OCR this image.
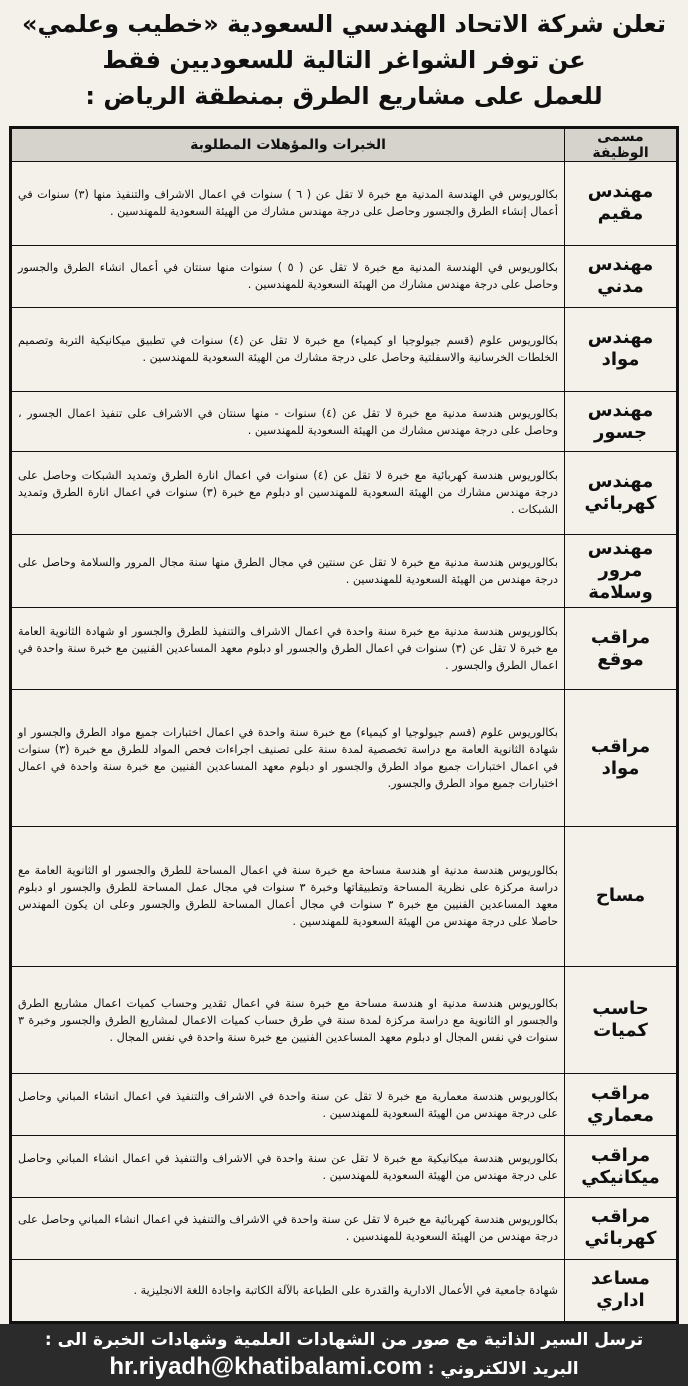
تعلن شركة الاتحاد الهندسي السعودية «خطيب وعلمي»
عن توفر الشواغر التالية للسعوديين فقط
للعمل على مشاريع الطرق بمنطقة الرياض :
مسمى الوظيفة	الخبرات والمؤهلات المطلوبة
مهندس مقيم	بكالوريوس في الهندسة المدنية مع خبرة لا تقل عن ( ٦ ) سنوات في اعمال الاشراف والتنفيذ منها (٣) سنوات في أعمال إنشاء الطرق والجسور وحاصل على درجة مهندس مشارك من الهيئة السعودية للمهندسين .
مهندس مدني	بكالوريوس في الهندسة المدنية مع خبرة لا تقل عن ( ٥ ) سنوات منها سنتان في أعمال انشاء الطرق والجسور وحاصل على درجة مهندس مشارك من الهيئة السعودية للمهندسين .
مهندس مواد	بكالوريوس علوم (قسم جيولوجيا او كيمياء) مع خبرة لا تقل عن (٤) سنوات في تطبيق ميكانيكية التربة وتصميم الخلطات الخرسانية والاسفلتية وحاصل على درجة مشارك من الهيئة السعودية للمهندسين .
مهندس جسور	بكالوريوس هندسة مدنية مع خبرة لا تقل عن (٤) سنوات - منها سنتان في الاشراف على تنفيذ اعمال الجسور ، وحاصل على درجة مهندس مشارك من الهيئة السعودية للمهندسين .
مهندس كهربائي	بكالوريوس هندسة كهربائية مع خبرة لا تقل عن (٤) سنوات في اعمال انارة الطرق وتمديد الشبكات وحاصل على درجة مهندس مشارك من الهيئة السعودية للمهندسين او دبلوم مع خبرة (٣) سنوات في اعمال انارة الطرق وتمديد الشبكات .
مهندس مرور وسلامة	بكالوريوس هندسة مدنية مع خبرة لا تقل عن سنتين في مجال الطرق منها سنة مجال المرور والسلامة وحاصل على درجة مهندس من الهيئة السعودية للمهندسين .
مراقب موقع	بكالوريوس هندسة مدنية مع خبرة سنة واحدة في اعمال الاشراف والتنفيذ للطرق والجسور او شهادة الثانوية العامة مع خبرة لا تقل عن (٣) سنوات في اعمال الطرق والجسور او دبلوم معهد المساعدين الفنيين مع خبرة سنة واحدة في اعمال الطرق والجسور .
مراقب مواد	بكالوريوس علوم (قسم جيولوجيا او كيمياء) مع خبرة سنة واحدة في اعمال اختبارات جميع مواد الطرق والجسور او شهادة الثانوية العامة مع دراسة تخصصية لمدة سنة على تصنيف اجراءات فحص المواد للطرق مع خبرة (٣) سنوات في اعمال اختبارات جميع مواد الطرق والجسور او دبلوم معهد المساعدين الفنيين مع خبرة سنة واحدة في اعمال اختبارات جميع مواد الطرق والجسور.
مساح	بكالوريوس هندسة مدنية او هندسة مساحة مع خبرة سنة في اعمال المساحة للطرق والجسور او الثانوية العامة مع دراسة مركزة على نظرية المساحة وتطبيقاتها وخبرة ٣ سنوات في مجال عمل المساحة للطرق والجسور او دبلوم معهد المساعدين الفنيين مع خبرة ٣ سنوات في مجال أعمال المساحة للطرق والجسور وعلى ان يكون المهندس حاصلا على درجة مهندس من الهيئة السعودية للمهندسين .
حاسب كميات	بكالوريوس هندسة مدنية او هندسة مساحة مع خبرة سنة في اعمال تقدير وحساب كميات اعمال مشاريع الطرق والجسور او الثانوية مع دراسة مركزة لمدة سنة في طرق حساب كميات الاعمال لمشاريع الطرق والجسور وخبرة ٣ سنوات في نفس المجال او دبلوم معهد المساعدين الفنيين مع خبرة سنة واحدة في نفس المجال .
مراقب معماري	بكالوريوس هندسة معمارية مع خبرة لا تقل عن سنة واحدة في الاشراف والتنفيذ في اعمال انشاء المباني وحاصل على درجة مهندس من الهيئة السعودية للمهندسين .
مراقب ميكانيكي	بكالوريوس هندسة ميكانيكية مع خبرة لا تقل عن سنة واحدة في الاشراف والتنفيذ في اعمال انشاء المباني وحاصل على درجة مهندس من الهيئة السعودية للمهندسين .
مراقب كهربائي	بكالوريوس هندسة كهربائية مع خبرة لا تقل عن سنة واحدة في الاشراف والتنفيذ في اعمال انشاء المباني وحاصل على درجة مهندس من الهيئة السعودية للمهندسين .
مساعد اداري	شهادة جامعية في الأعمال الادارية والقدرة على الطباعة بالآلة الكاتبة واجادة اللغة الانجليزية .
ترسل السير الذاتية مع صور من الشهادات العلمية وشهادات الخبرة الى :
البريد الالكتروني : hr.riyadh@khatibalami.com
